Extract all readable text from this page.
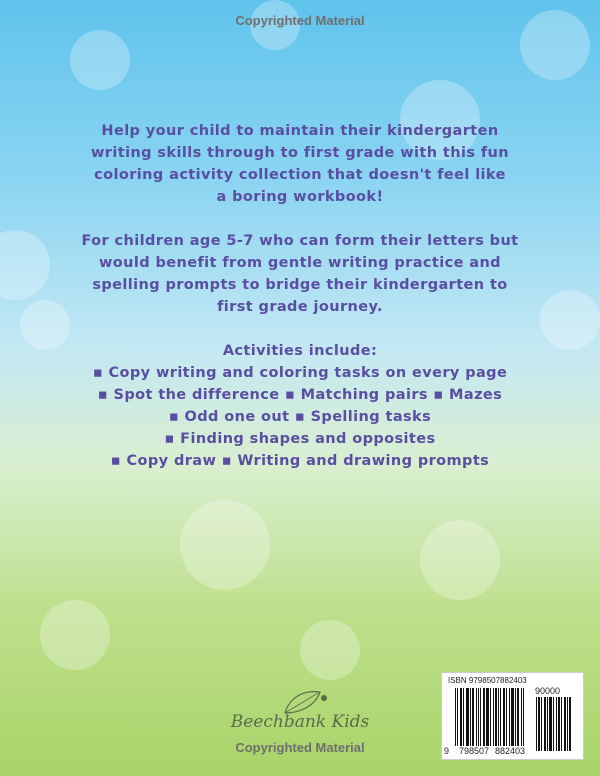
Copyrighted Material
Help your child to maintain their kindergarten
writing skills through to first grade with this fun
coloring activity collection that doesn't feel like
a boring workbook!
For children age 5-7 who can form their letters but
would benefit from gentle writing practice and
spelling prompts to bridge their kindergarten to
first grade journey.
Activities include:
▪ Copy writing and coloring tasks on every page
▪ Spot the difference ▪ Matching pairs ▪ Mazes
▪ Odd one out ▪ Spelling tasks
▪ Finding shapes and opposites
▪ Copy draw ▪ Writing and drawing prompts
Beechbank Kids
Copyrighted Material
ISBN 9798507882403
90000
9 798507 882403
